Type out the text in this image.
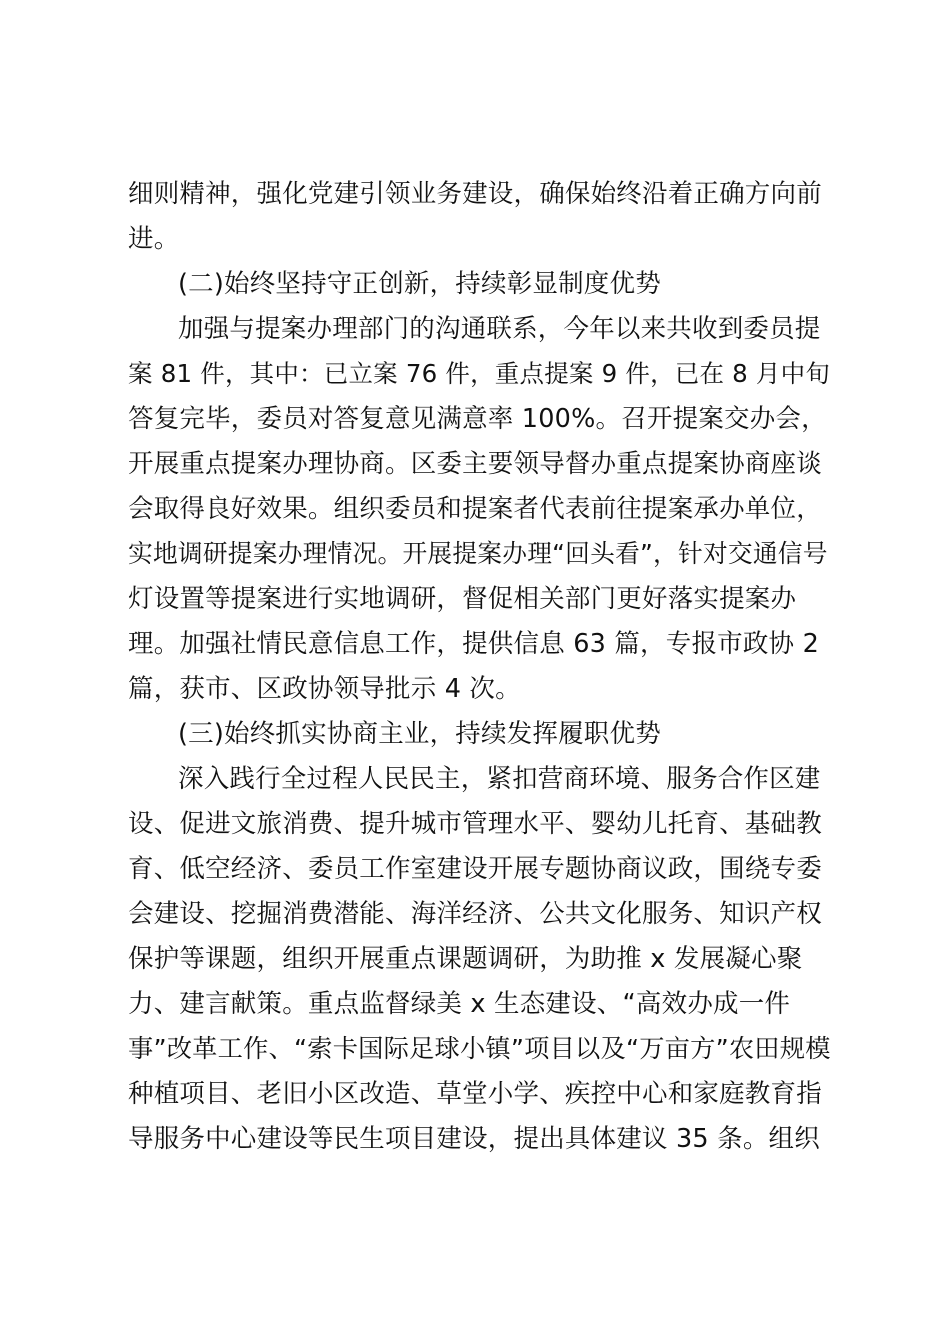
细则精神，强化党建引领业务建设，确保始终沿着正确方向前
进。
(二)始终坚持守正创新，持续彰显制度优势
加强与提案办理部门的沟通联系，今年以来共收到委员提
案 81 件，其中：已立案 76 件，重点提案 9 件，已在 8 月中旬
答复完毕，委员对答复意见满意率 100%。召开提案交办会，
开展重点提案办理协商。区委主要领导督办重点提案协商座谈
会取得良好效果。组织委员和提案者代表前往提案承办单位，
实地调研提案办理情况。开展提案办理“回头看”，针对交通信号
灯设置等提案进行实地调研，督促相关部门更好落实提案办
理。加强社情民意信息工作，提供信息 63 篇，专报市政协 2
篇，获市、区政协领导批示 4 次。
(三)始终抓实协商主业，持续发挥履职优势
深入践行全过程人民民主，紧扣营商环境、服务合作区建
设、促进文旅消费、提升城市管理水平、婴幼儿托育、基础教
育、低空经济、委员工作室建设开展专题协商议政，围绕专委
会建设、挖掘消费潜能、海洋经济、公共文化服务、知识产权
保护等课题，组织开展重点课题调研，为助推 x 发展凝心聚
力、建言献策。重点监督绿美 x 生态建设、“高效办成一件
事”改革工作、“索卡国际足球小镇”项目以及“万亩方”农田规模
种植项目、老旧小区改造、草堂小学、疾控中心和家庭教育指
导服务中心建设等民生项目建设，提出具体建议 35 条。组织
